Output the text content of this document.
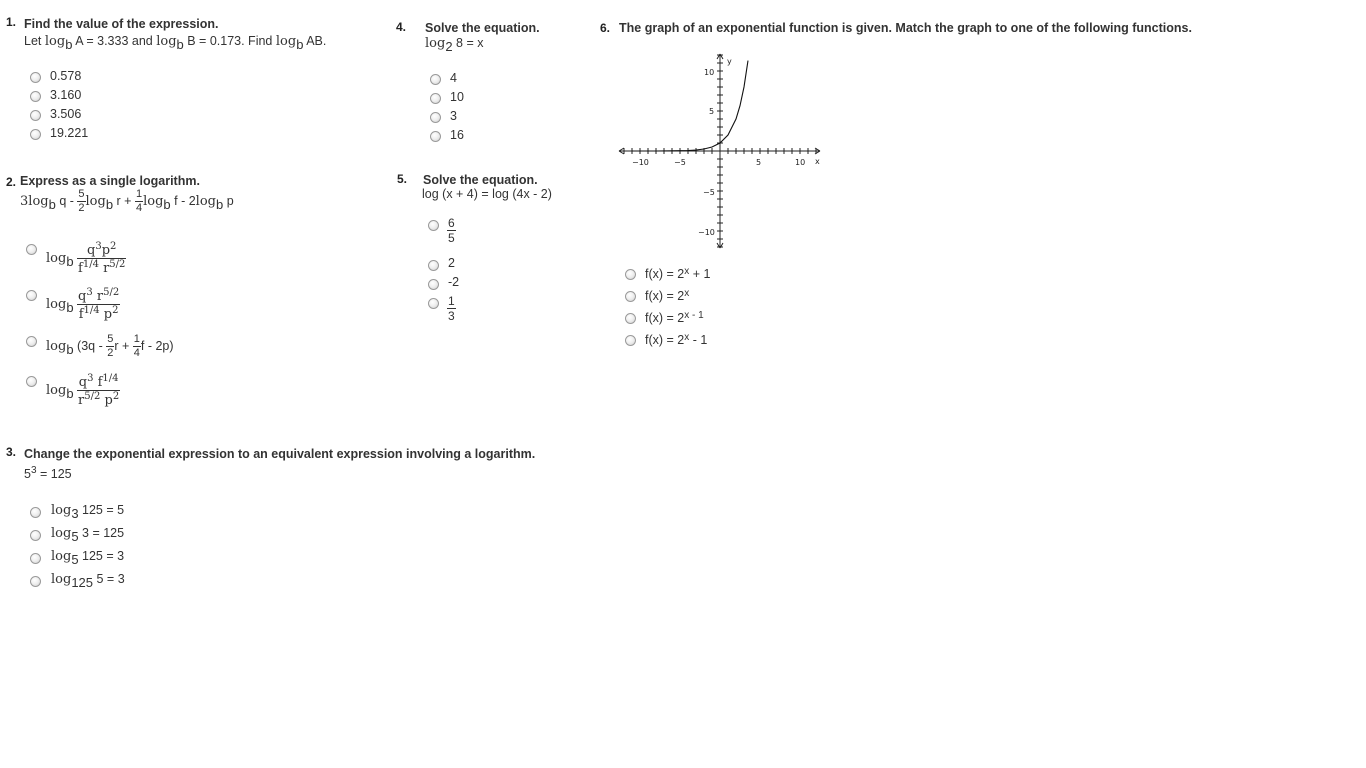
1. Find the value of the expression.
Let $\log_b A = 3.333$ and $\log_b B = 0.173$. Find $\log_b$ AB.
0.578
3.160
3.506
19.221
2. Express as a single logarithm.
$3\log_b$ $q - \frac{5}{2} \log_b r + \frac{1}{4} \log_b f - 2\log_b$ p
$\log_b \frac{q^3p^2}{f^{1/4} r^{5/2}}$
$\log_b \frac{q^3 r^{5/2}}{f^{1/4} p^2}$
$\log_b (3q - \frac{5}{2}$ $r + \frac{1}{4}$ f - 2p)
$\log_b \frac{q^3 f^{1/4}}{r^{5/2} p^2}$
3. Change the exponential expression to an equivalent expression involving a logarithm.
$5^3 = 125$
$\log_3 125 = 5$
$\log_5 3 = 125$
$\log_5 125 = 3$
$\log_{125} 5 = 3$
4. Solve the equation.
$\log_2 8 = x$
4
10
3
16
5. Solve the equation.
log (x + 4) = log (4x - 2)
$\frac{6}{5}$
2
-2
$\frac{1}{3}$
6. The graph of an exponential function is given. Match the graph to one of the following functions.
y
x
−10	−5	5	10
10
5
−5
−10
$f(x) = 2^x + 1$
$f(x) = 2^x$
$f(x) = 2^{x - 1}$
$f(x) = 2^x - 1$
